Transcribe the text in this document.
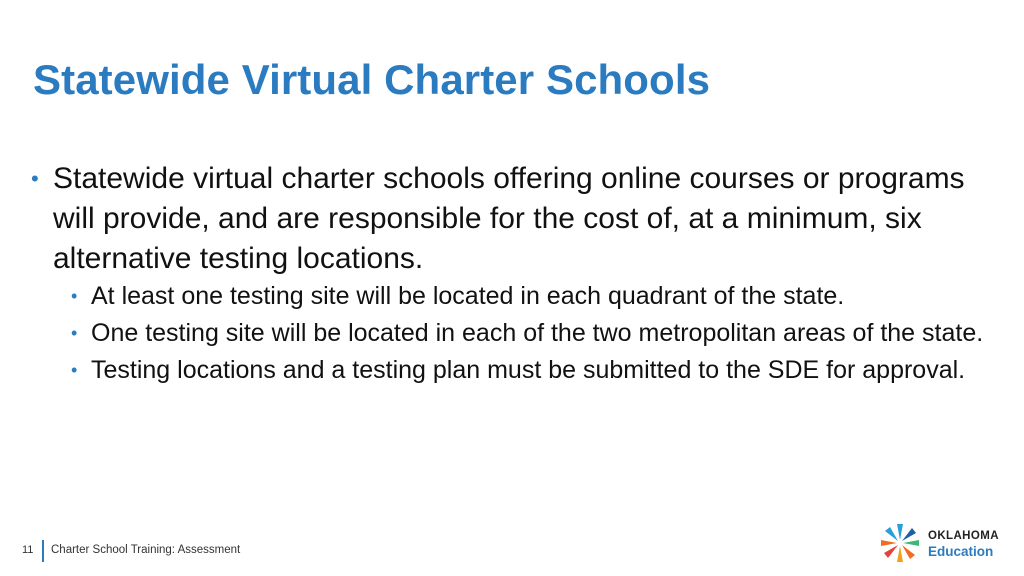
Statewide Virtual Charter Schools
• Statewide virtual charter schools offering online courses or programs will provide, and are responsible for the cost of, at a minimum, six alternative testing locations.
• At least one testing site will be located in each quadrant of the state.
• One testing site will be located in each of the two metropolitan areas of the state.
• Testing locations and a testing plan must be submitted to the SDE for approval.
11 Charter School Training: Assessment
OKLAHOMA
Education
